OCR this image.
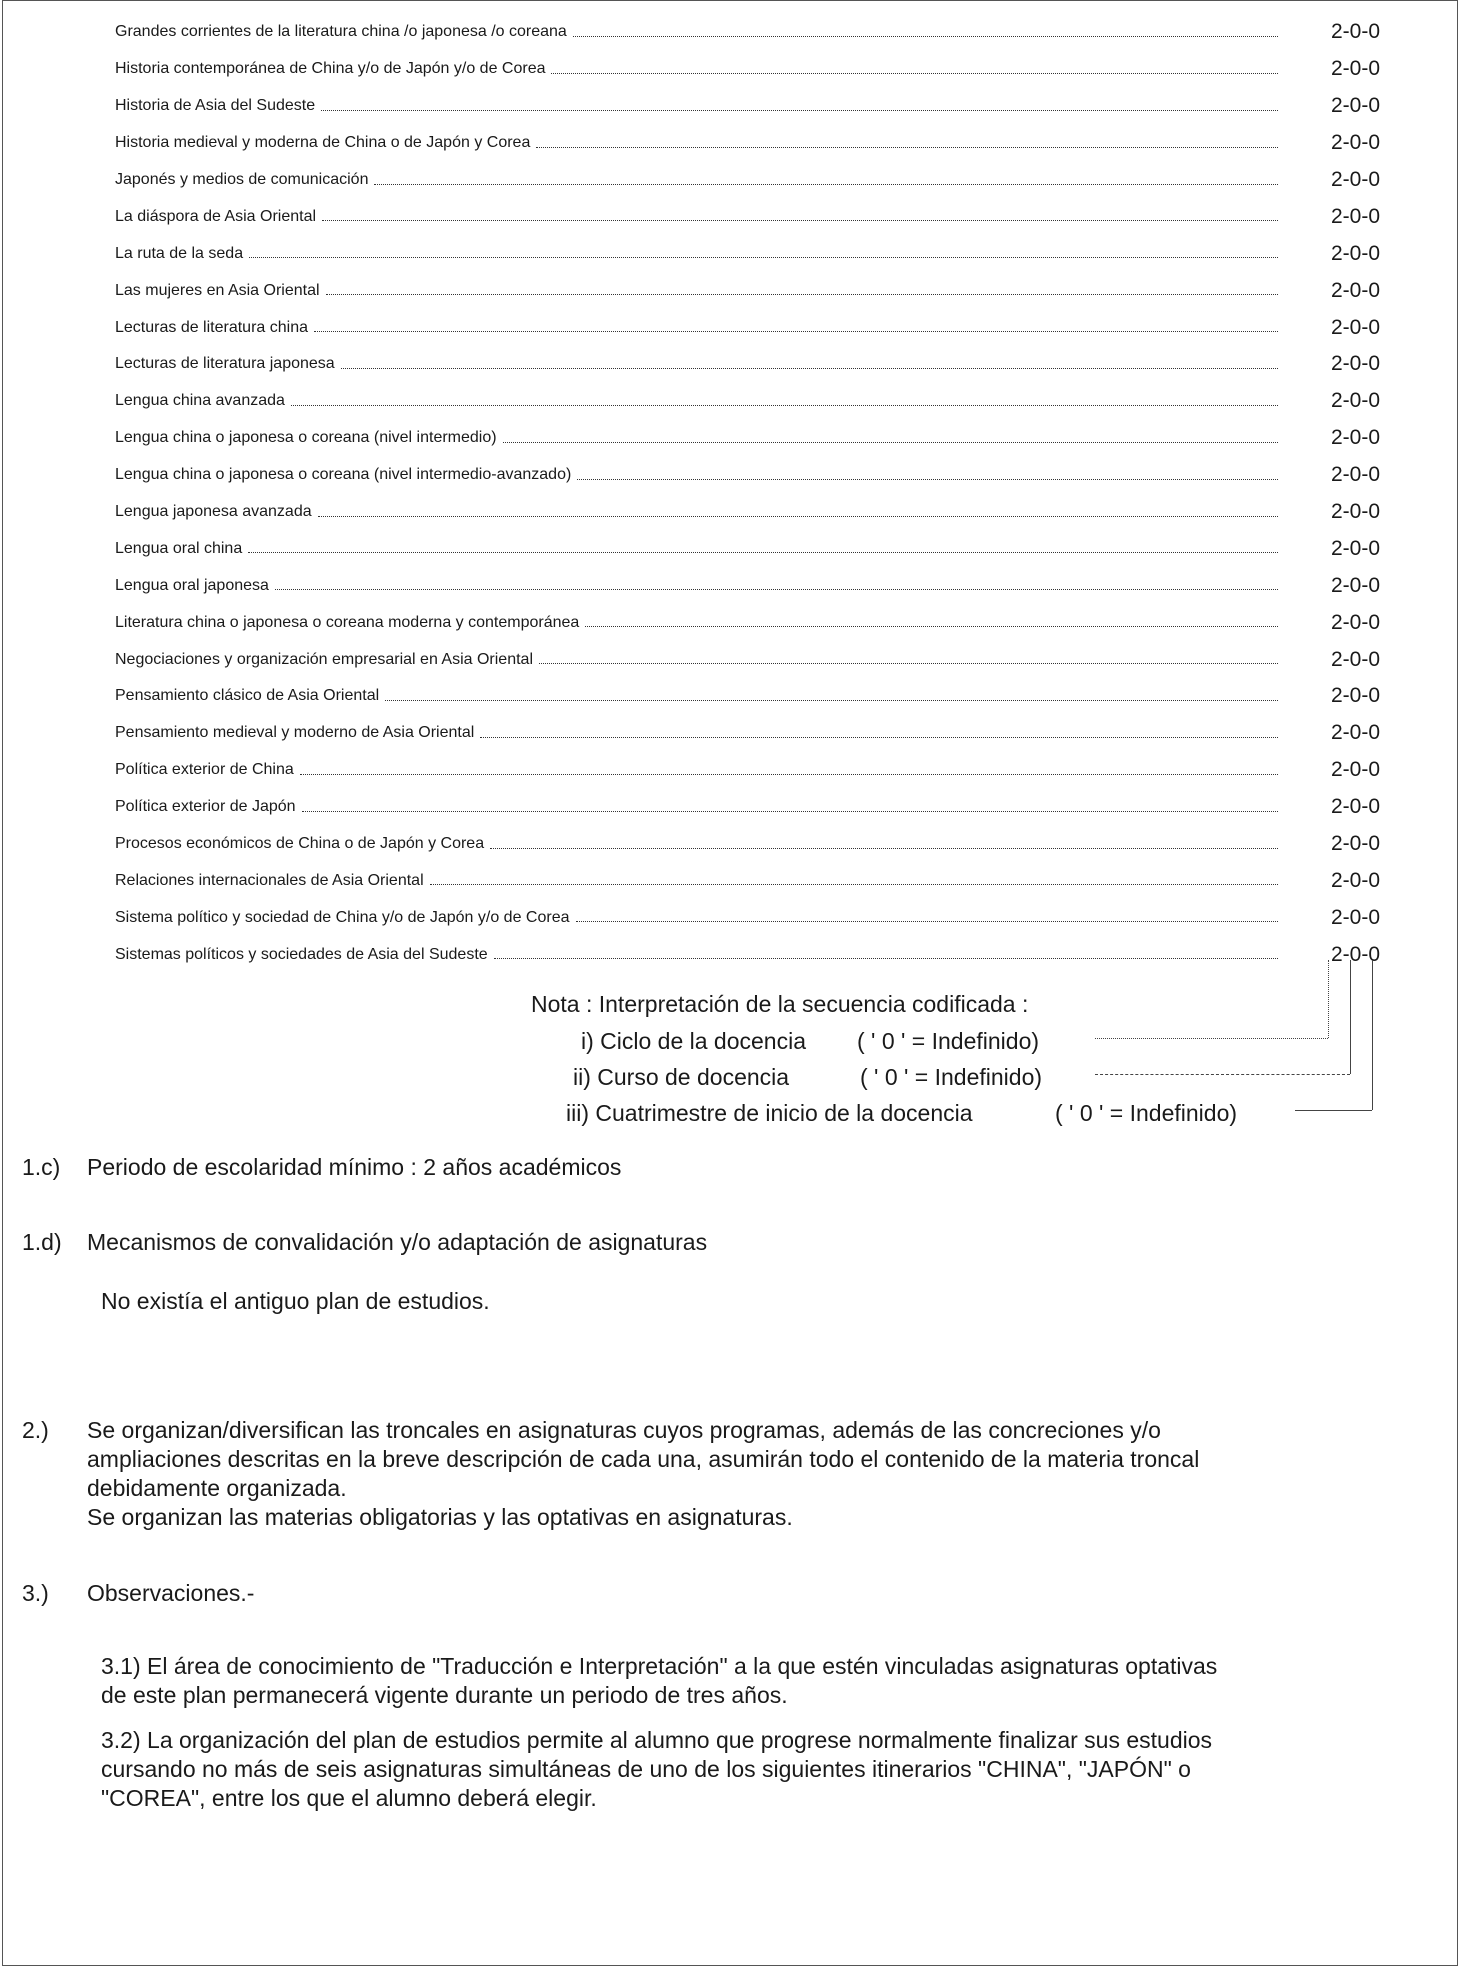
Grandes corrientes de la literatura china /o japonesa /o coreana	2-0-0
Historia contemporánea de China y/o de Japón y/o de Corea	2-0-0
Historia de Asia del Sudeste	2-0-0
Historia medieval y moderna de China o de Japón y Corea	2-0-0
Japonés y medios de comunicación	2-0-0
La diáspora de Asia Oriental	2-0-0
La ruta de la seda	2-0-0
Las mujeres en Asia Oriental	2-0-0
Lecturas de literatura china	2-0-0
Lecturas de literatura japonesa	2-0-0
Lengua china avanzada	2-0-0
Lengua china o japonesa o coreana (nivel intermedio)	2-0-0
Lengua china o japonesa o coreana (nivel intermedio-avanzado)	2-0-0
Lengua japonesa avanzada	2-0-0
Lengua oral china	2-0-0
Lengua oral japonesa	2-0-0
Literatura china o japonesa o coreana moderna y contemporánea	2-0-0
Negociaciones y organización empresarial en Asia Oriental	2-0-0
Pensamiento clásico de Asia Oriental	2-0-0
Pensamiento medieval y moderno de Asia Oriental	2-0-0
Política exterior de China	2-0-0
Política exterior de Japón	2-0-0
Procesos económicos de China o de Japón y Corea	2-0-0
Relaciones internacionales de Asia Oriental	2-0-0
Sistema político y sociedad de China y/o de Japón y/o de Corea	2-0-0
Sistemas políticos y sociedades de Asia del Sudeste	2-0-0
Nota : Interpretación de la secuencia codificada :
i) Ciclo de la docencia ( ' 0 ' = Indefinido)
ii) Curso de docencia	( ' 0 ' = Indefinido)
iii) Cuatrimestre de inicio de la docencia	( ' 0 ' = Indefinido)
1.c) Periodo de escolaridad mínimo : 2 años académicos
1.d) Mecanismos de convalidación y/o adaptación de asignaturas
No existía el antiguo plan de estudios.
2.) Se organizan/diversifican las troncales en asignaturas cuyos programas, además de las concreciones y/o
ampliaciones descritas en la breve descripción de cada una, asumirán todo el contenido de la materia troncal
debidamente organizada.
Se organizan las materias obligatorias y las optativas en asignaturas.
3.) Observaciones.-
3.1) El área de conocimiento de "Traducción e Interpretación" a la que estén vinculadas asignaturas optativas
de este plan permanecerá vigente durante un periodo de tres años.
3.2) La organización del plan de estudios permite al alumno que progrese normalmente finalizar sus estudios
cursando no más de seis asignaturas simultáneas de uno de los siguientes itinerarios "CHINA", "JAPÓN" o
"COREA", entre los que el alumno deberá elegir.
